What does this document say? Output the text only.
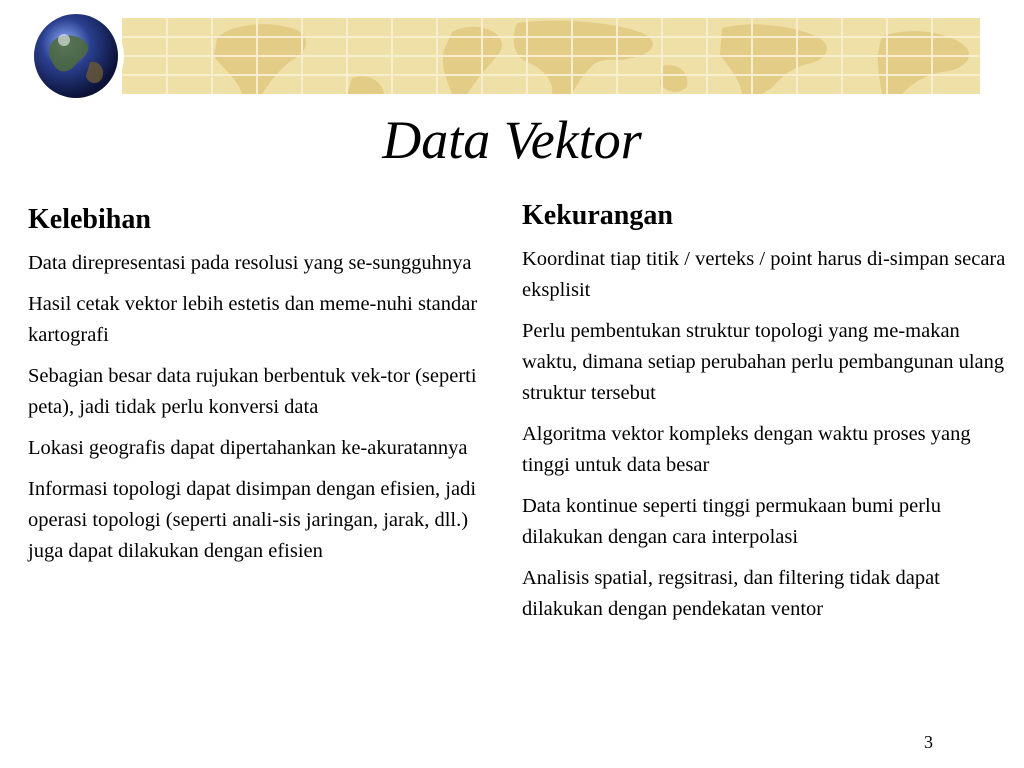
Data Vektor
Kelebihan

Data direpresentasi pada resolusi yang se-sungguhnya

Hasil cetak vektor lebih estetis dan meme-nuhi standar kartografi

Sebagian besar data rujukan berbentuk vek-tor (seperti peta), jadi tidak perlu konversi data

Lokasi geografis dapat dipertahankan ke-akuratannya

Informasi topologi dapat disimpan dengan efisien, jadi operasi topologi (seperti anali-sis jaringan, jarak, dll.) juga dapat dilakukan dengan efisien

Kekurangan

Koordinat tiap titik / verteks / point harus di-simpan secara eksplisit

Perlu pembentukan struktur topologi yang me-makan waktu, dimana setiap perubahan perlu pembangunan ulang struktur tersebut

Algoritma vektor kompleks dengan waktu proses yang tinggi untuk data besar

Data kontinue seperti tinggi permukaan bumi perlu dilakukan dengan cara interpolasi

Analisis spatial, regsitrasi, dan filtering tidak dapat dilakukan dengan pendekatan ventor

3
